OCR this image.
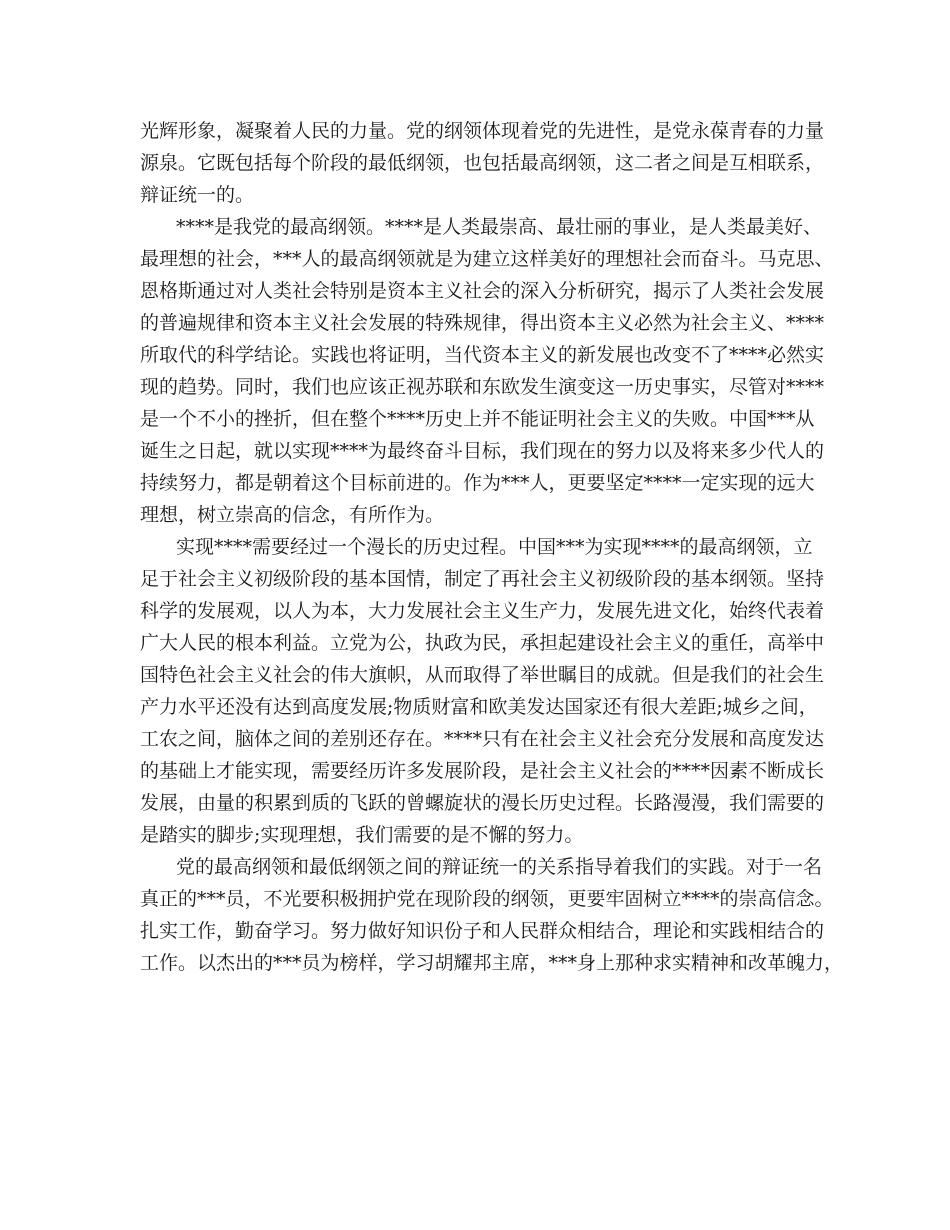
光辉形象，凝聚着人民的力量。党的纲领体现着党的先进性，是党永葆青春的力量
源泉。它既包括每个阶段的最低纲领，也包括最高纲领，这二者之间是互相联系，
辩证统一的。
****是我党的最高纲领。****是人类最崇高、最壮丽的事业，是人类最美好、
最理想的社会，***人的最高纲领就是为建立这样美好的理想社会而奋斗。马克思、
恩格斯通过对人类社会特别是资本主义社会的深入分析研究，揭示了人类社会发展
的普遍规律和资本主义社会发展的特殊规律，得出资本主义必然为社会主义、****
所取代的科学结论。实践也将证明，当代资本主义的新发展也改变不了****必然实
现的趋势。同时，我们也应该正视苏联和东欧发生演变这一历史事实，尽管对****
是一个不小的挫折，但在整个****历史上并不能证明社会主义的失败。中国***从
诞生之日起，就以实现****为最终奋斗目标，我们现在的努力以及将来多少代人的
持续努力，都是朝着这个目标前进的。作为***人，更要坚定****一定实现的远大
理想，树立崇高的信念，有所作为。
实现****需要经过一个漫长的历史过程。中国***为实现****的最高纲领，立
足于社会主义初级阶段的基本国情，制定了再社会主义初级阶段的基本纲领。坚持
科学的发展观，以人为本，大力发展社会主义生产力，发展先进文化，始终代表着
广大人民的根本利益。立党为公，执政为民，承担起建设社会主义的重任，高举中
国特色社会主义社会的伟大旗帜，从而取得了举世瞩目的成就。但是我们的社会生
产力水平还没有达到高度发展;物质财富和欧美发达国家还有很大差距;城乡之间，
工农之间，脑体之间的差别还存在。****只有在社会主义社会充分发展和高度发达
的基础上才能实现，需要经历许多发展阶段，是社会主义社会的****因素不断成长
发展，由量的积累到质的飞跃的曾螺旋状的漫长历史过程。长路漫漫，我们需要的
是踏实的脚步;实现理想，我们需要的是不懈的努力。
党的最高纲领和最低纲领之间的辩证统一的关系指导着我们的实践。对于一名
真正的***员，不光要积极拥护党在现阶段的纲领，更要牢固树立****的崇高信念。
扎实工作，勤奋学习。努力做好知识份子和人民群众相结合，理论和实践相结合的
工作。以杰出的***员为榜样，学习胡耀邦主席，***身上那种求实精神和改革魄力，
